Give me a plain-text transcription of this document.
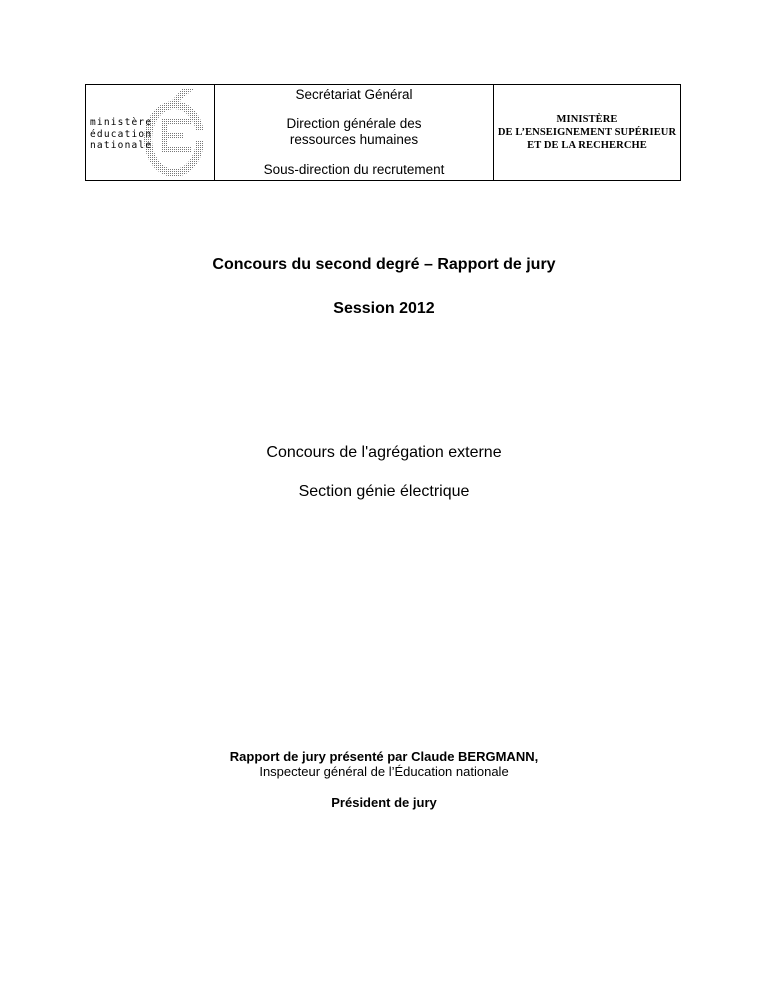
ministère
éducation
nationale
Secrétariat Général
Direction générale des
ressources humaines
Sous-direction du recrutement
MINISTÈRE
DE L’ENSEIGNEMENT SUPÉRIEUR
ET DE LA RECHERCHE
Concours du second degré – Rapport de jury
Session 2012
Concours de l'agrégation externe
Section génie électrique
Rapport de jury présenté par Claude BERGMANN,
Inspecteur général de l’Éducation nationale
Président de jury
